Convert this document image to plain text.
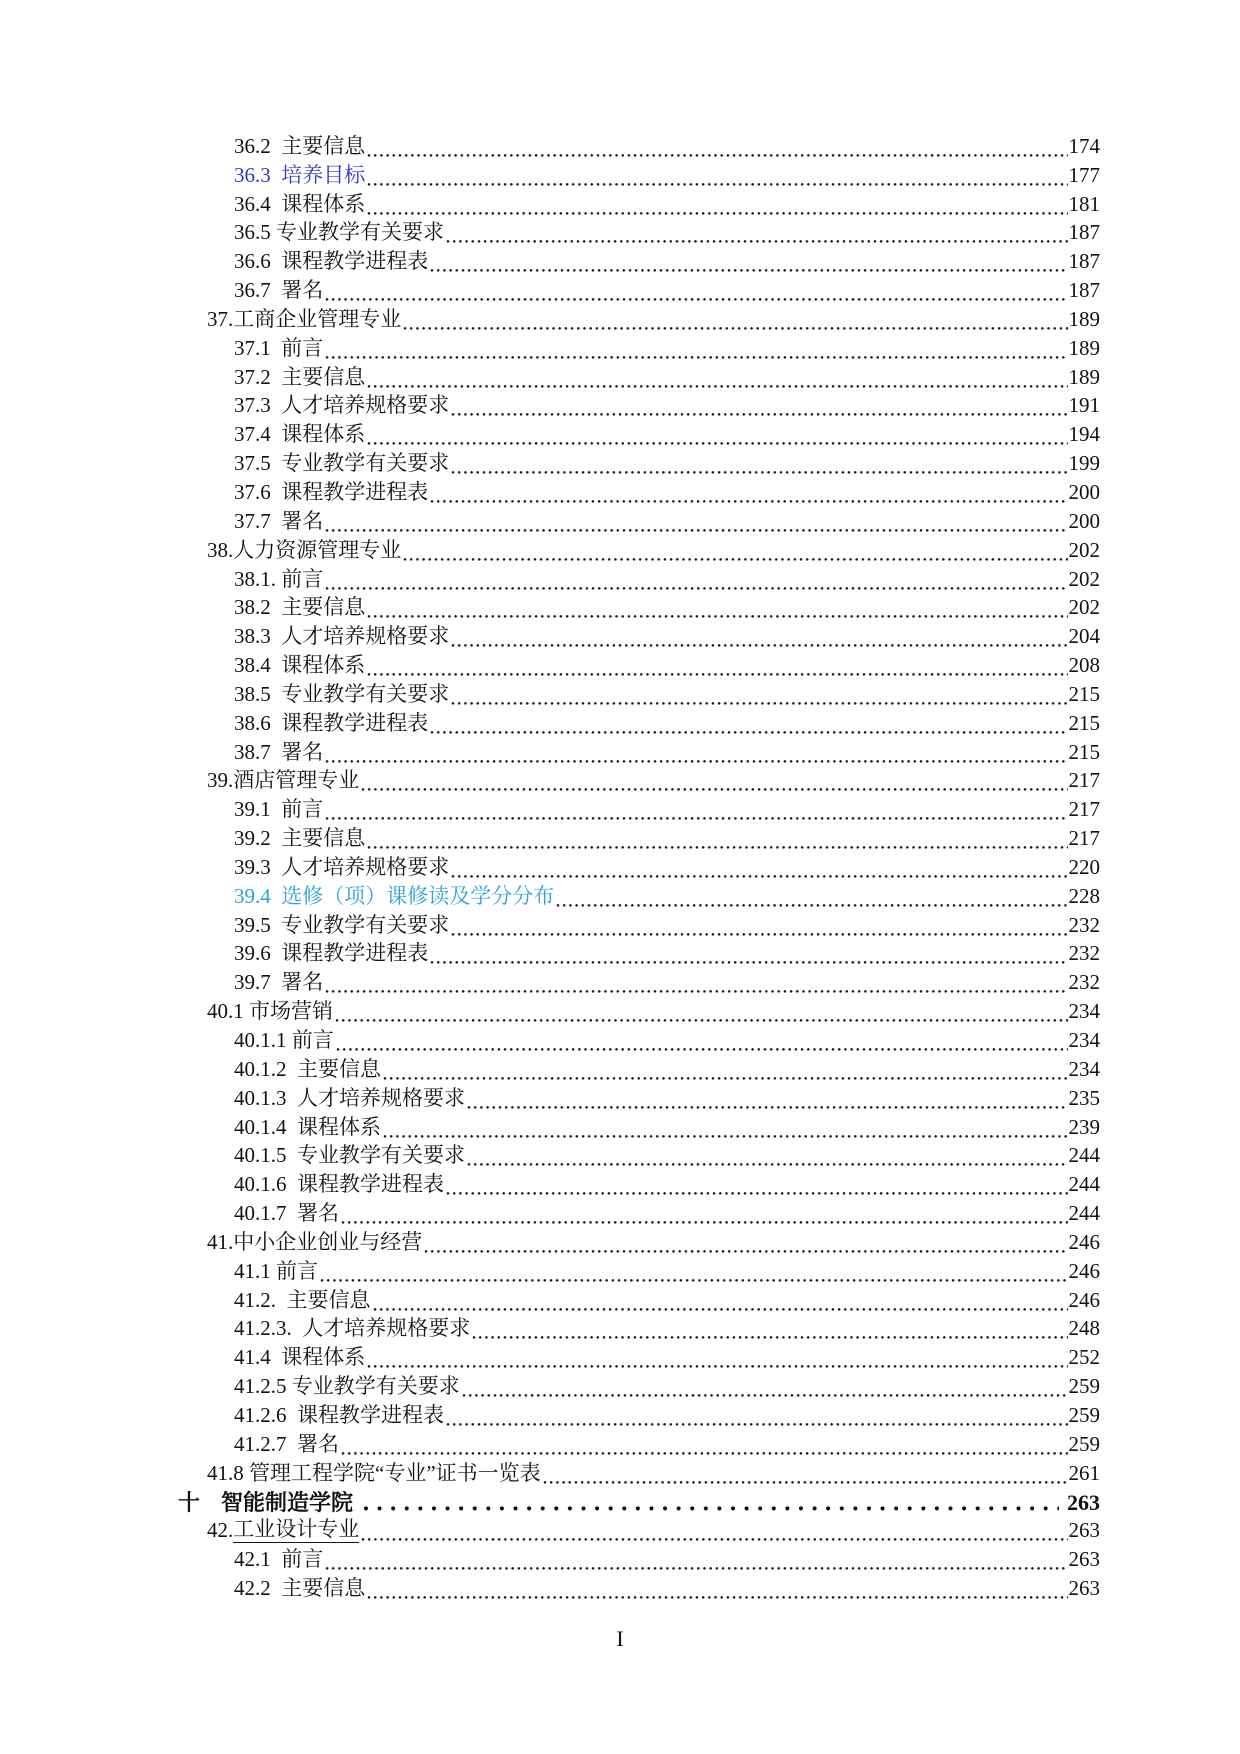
36.2  主要信息	174
36.3  培养目标	177
36.4  课程体系	181
36.5 专业教学有关要求	187
36.6  课程教学进程表	187
36.7  署名	187
37.工商企业管理专业	189
37.1  前言	189
37.2  主要信息	189
37.3  人才培养规格要求	191
37.4  课程体系	194
37.5  专业教学有关要求	199
37.6  课程教学进程表	200
37.7  署名	200
38.人力资源管理专业	202
38.1. 前言	202
38.2  主要信息	202
38.3  人才培养规格要求	204
38.4  课程体系	208
38.5  专业教学有关要求	215
38.6  课程教学进程表	215
38.7  署名	215
39.酒店管理专业	217
39.1  前言	217
39.2  主要信息	217
39.3  人才培养规格要求	220
39.4  选修（项）课修读及学分分布	228
39.5  专业教学有关要求	232
39.6  课程教学进程表	232
39.7  署名	232
40.1 市场营销	234
40.1.1 前言	234
40.1.2  主要信息	234
40.1.3  人才培养规格要求	235
40.1.4  课程体系	239
40.1.5  专业教学有关要求	244
40.1.6  课程教学进程表	244
40.1.7  署名	244
41.中小企业创业与经营	246
41.1 前言	246
41.2.  主要信息	246
41.2.3.  人才培养规格要求	248
41.4  课程体系	252
41.2.5 专业教学有关要求	259
41.2.6  课程教学进程表	259
41.2.7  署名	259
41.8 管理工程学院“专业”证书一览表	261
十 智能制造学院	263
42. 工业设计专业	263
42.1  前言	263
42.2  主要信息	263
I
